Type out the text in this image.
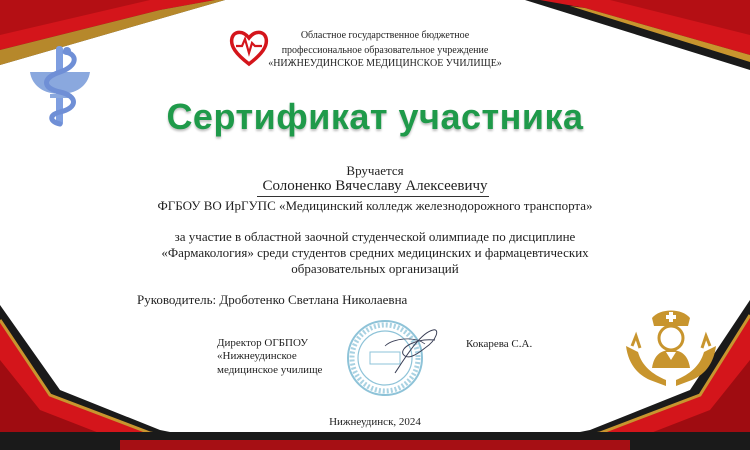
Областное государственное бюджетное
профессиональное образовательное учреждение
«НИЖНЕУДИНСКОЕ МЕДИЦИНСКОЕ УЧИЛИЩЕ»
Сертификат участника
Вручается
Солоненко Вячеславу Алексеевичу
ФГБОУ ВО ИрГУПС «Медицинский колледж железнодорожного транспорта»
за участие в областной заочной студенческой олимпиаде по дисциплине
«Фармакология» среди студентов средних медицинских и фармацевтических
образовательных организаций
Руководитель: Дроботенко Светлана Николаевна
Директор ОГБПОУ
«Нижнеудинское
медицинское училище
Кокарева С.А.
Нижнеудинск, 2024
